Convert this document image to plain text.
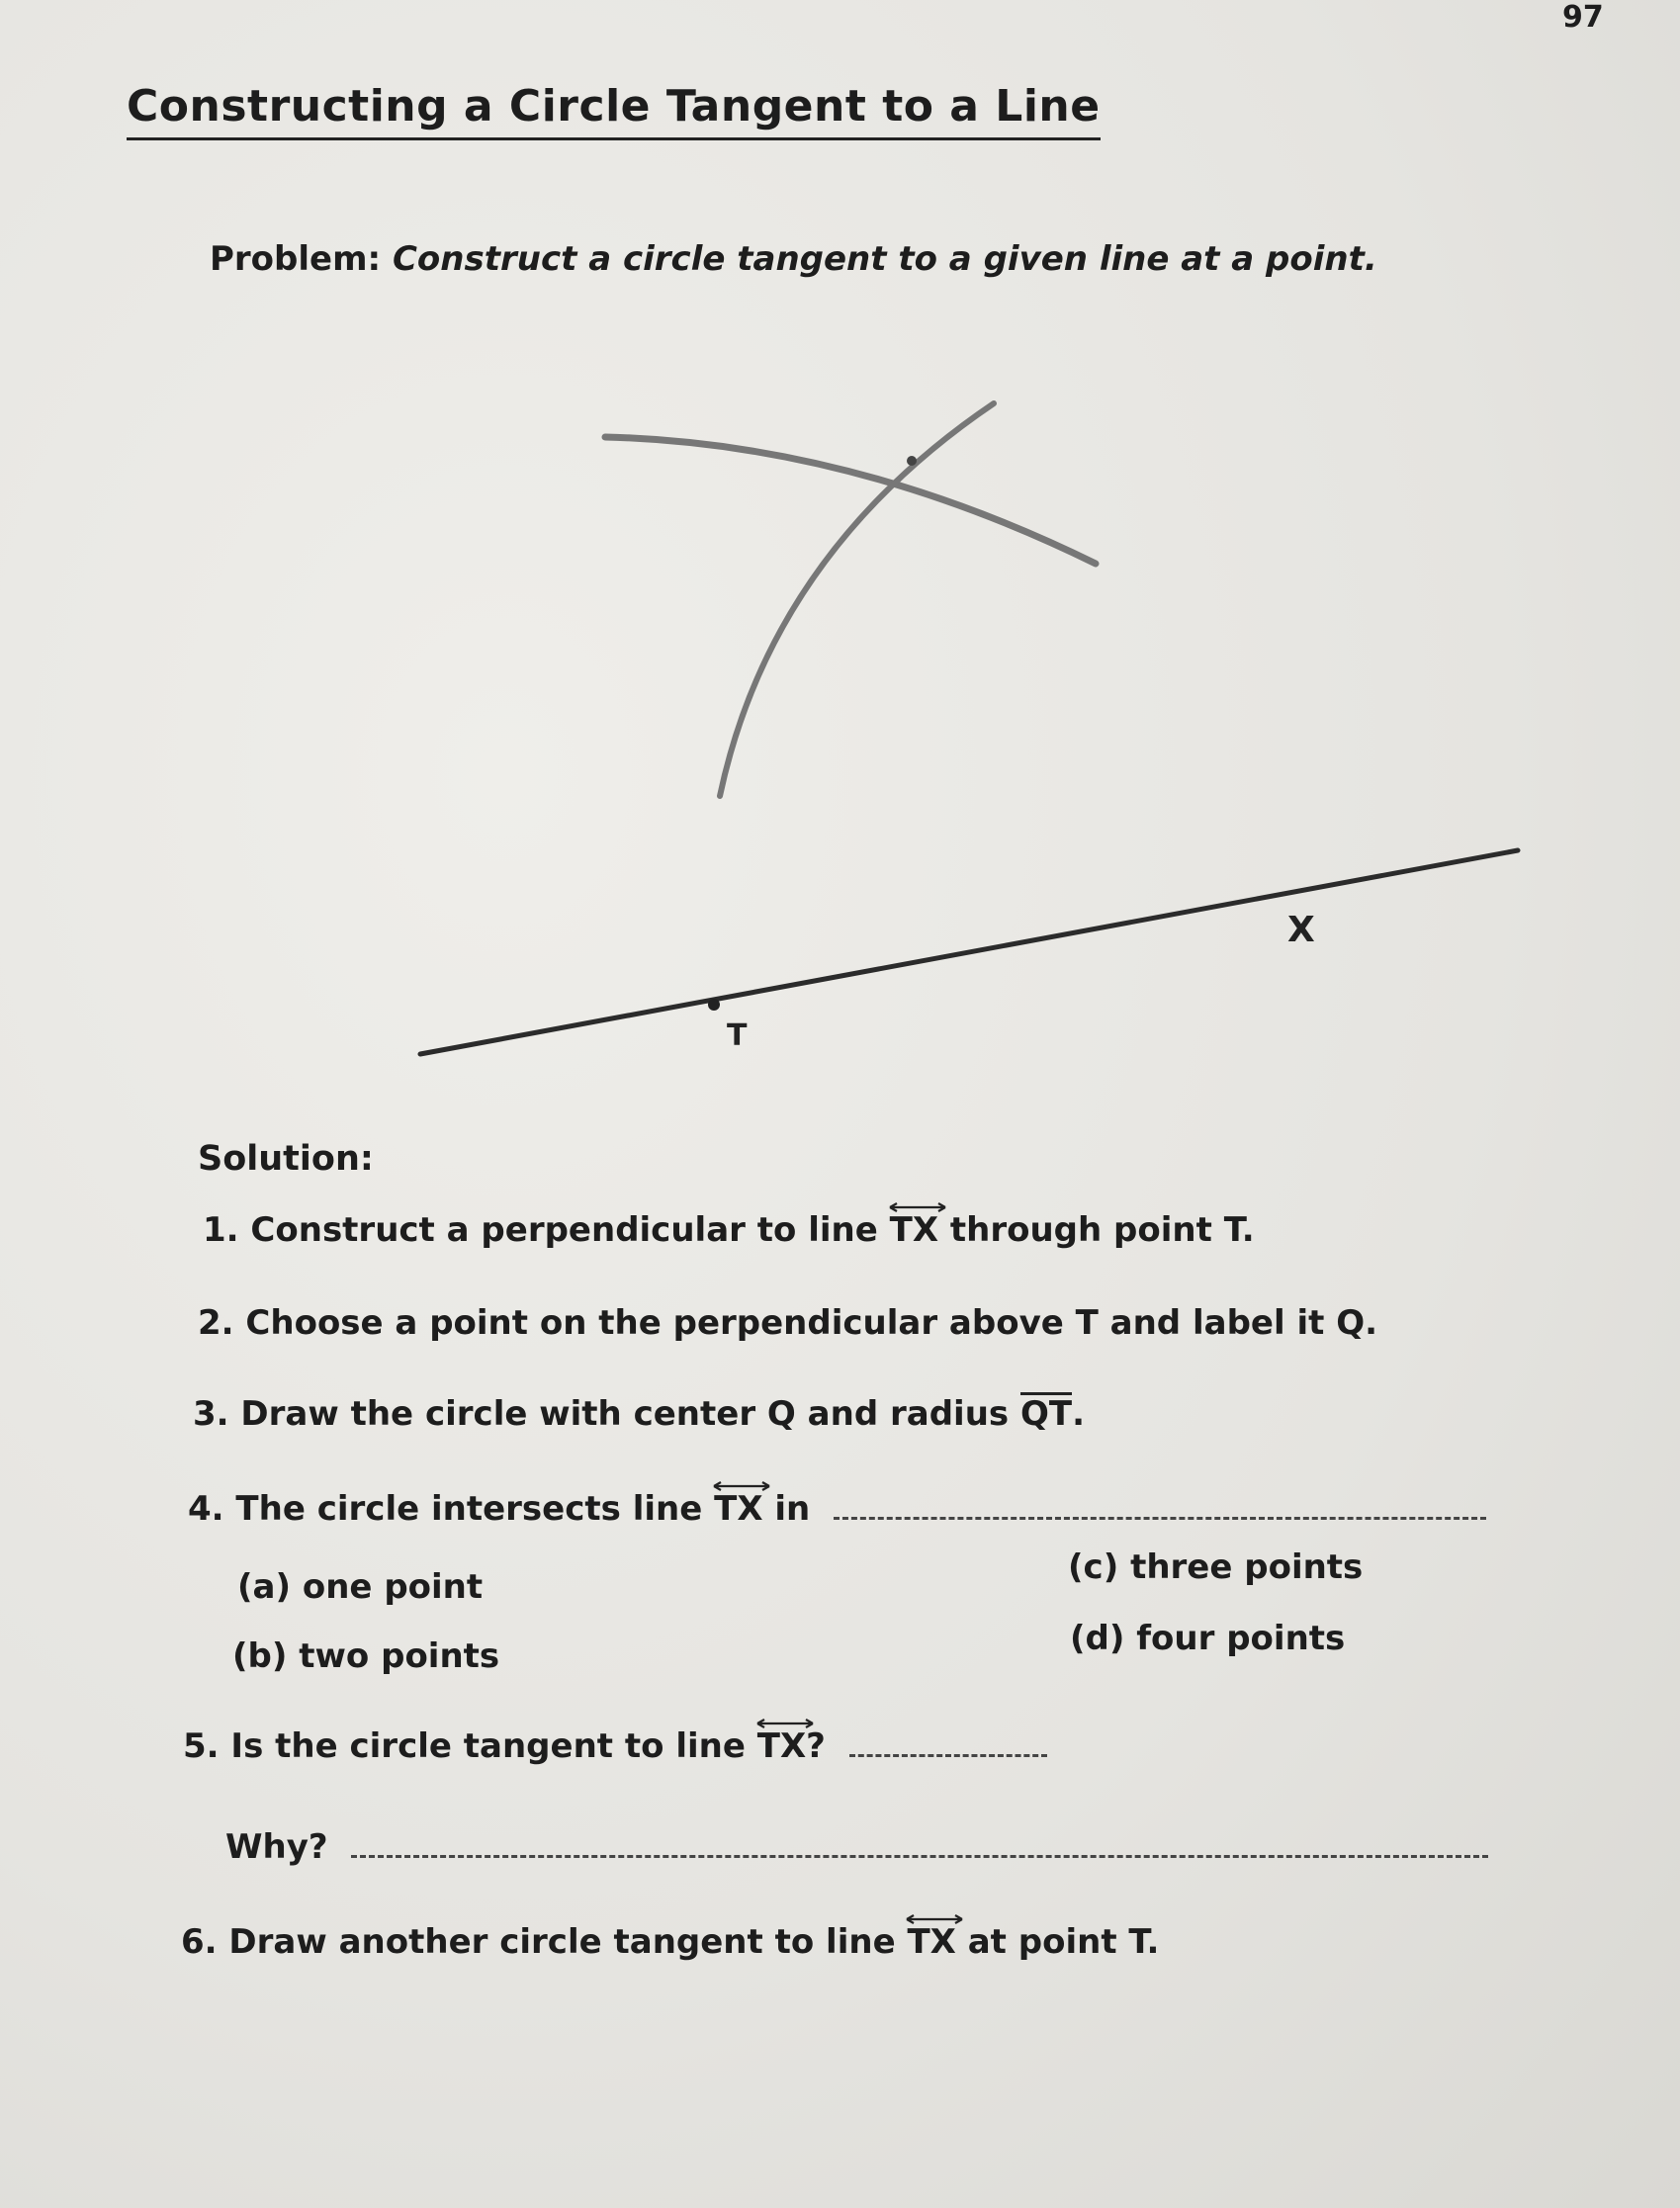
97
Constructing a Circle Tangent to a Line
Problem: Construct a circle tangent to a given line at a point.
T
X
Solution:
1. Construct a perpendicular to line TX through point T.
2. Choose a point on the perpendicular above T and label it Q.
3. Draw the circle with center Q and radius QT.
4. The circle intersects line TX in
(a) one point	(c) three points
(b) two points	(d) four points
5. Is the circle tangent to line TX?
Why?
6. Draw another circle tangent to line TX at point T.
